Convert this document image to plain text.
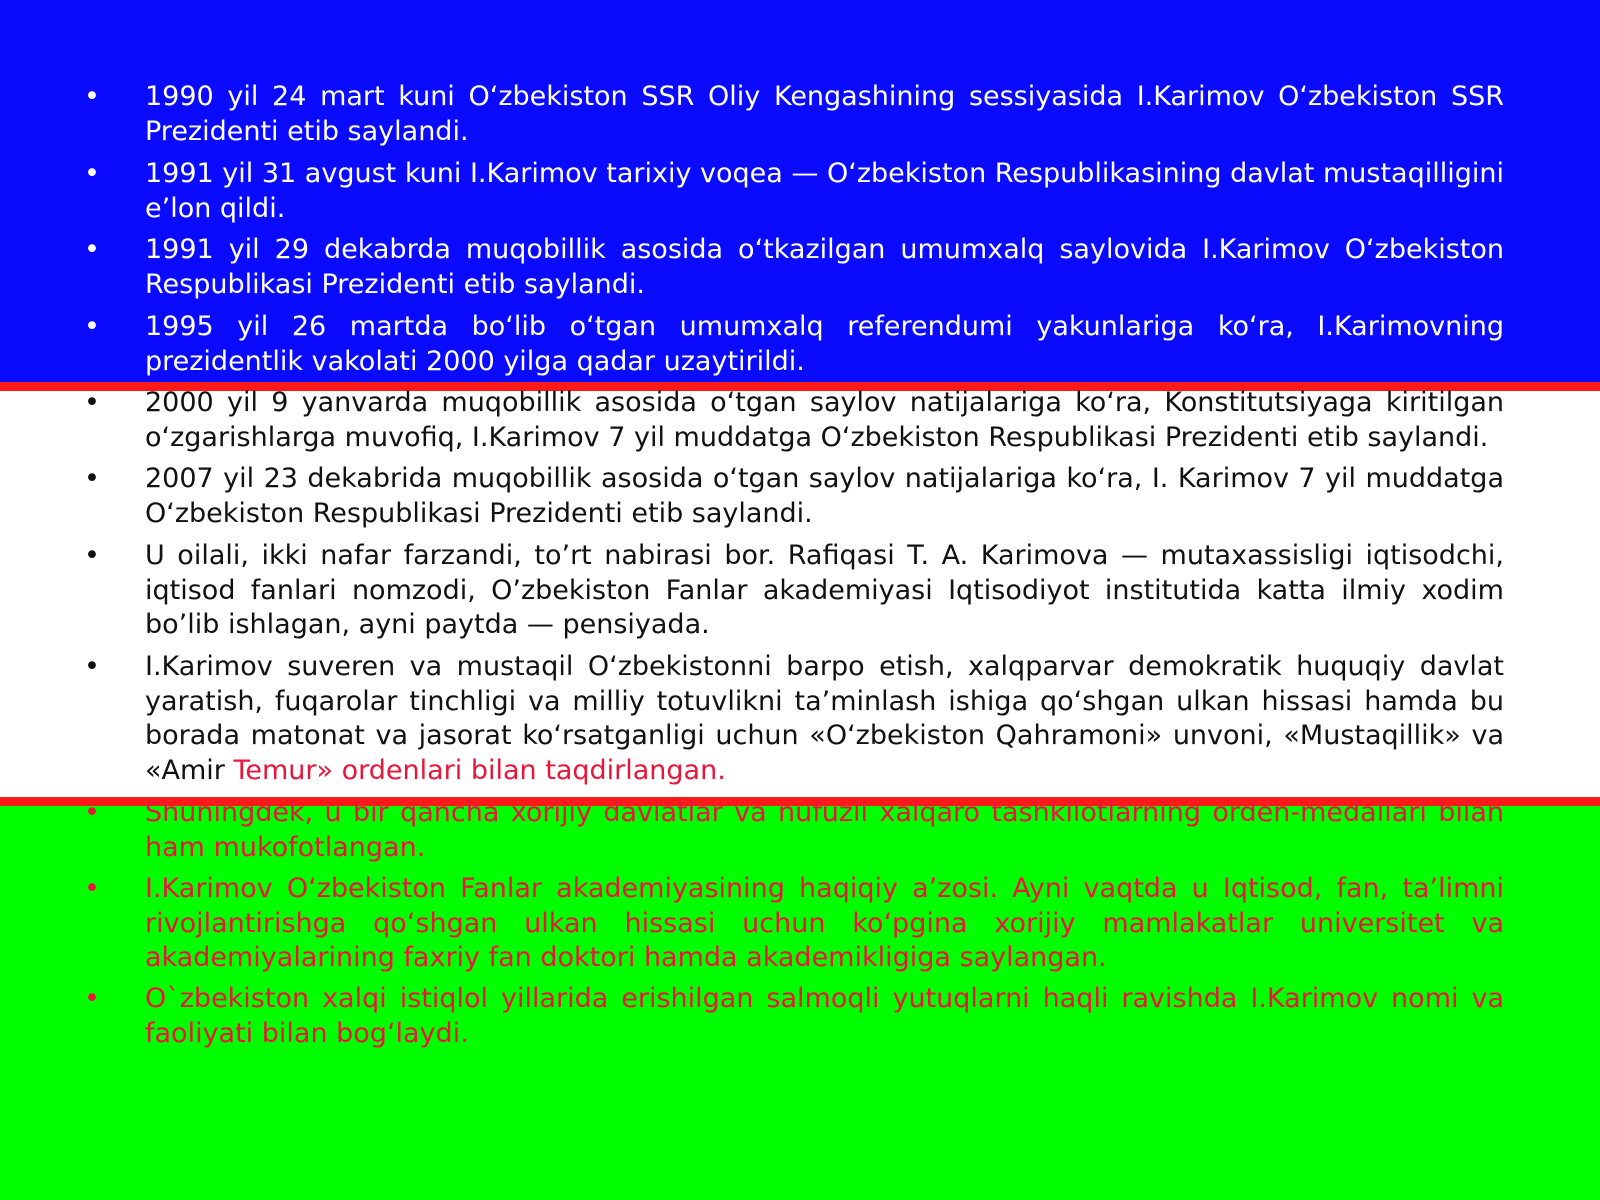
• 1990 yil 24 mart kuni O‘zbekiston SSR Oliy Kengashining sessiyasida I.Karimov O‘zbekiston SSR Prezidenti etib saylandi.
• 1991 yil 31 avgust kuni I.Karimov tarixiy voqea — O‘zbekiston Respublikasining davlat mustaqilligini e’lon qildi.
• 1991 yil 29 dekabrda muqobillik asosida o‘tkazilgan umumxalq saylovida I.Karimov O‘zbekiston Respublikasi Prezidenti etib saylandi.
• 1995 yil 26 martda bo‘lib o‘tgan umumxalq referendumi yakunlariga ko‘ra, I.Karimovning prezidentlik vakolati 2000 yilga qadar uzaytirildi.
• 2000 yil 9 yanvarda muqobillik asosida o‘tgan saylov natijalariga ko‘ra, Konstitutsiyaga kiritilgan o‘zgarishlarga muvofiq, I.Karimov 7 yil muddatga O‘zbekiston Respublikasi Prezidenti etib saylandi.
• 2007 yil 23 dekabrida muqobillik asosida o‘tgan saylov natijalariga ko‘ra, I. Karimov 7 yil muddatga O‘zbekiston Respublikasi Prezidenti etib saylandi.
• U oilali, ikki nafar farzandi, to’rt nabirasi bor. Rafiqasi T. A. Karimova — mutaxassisligi iqtisodchi, iqtisod fanlari nomzodi, O’zbekiston Fanlar akademiyasi Iqtisodiyot institutida katta ilmiy xodim bo’lib ishlagan, ayni paytda — pensiyada.
• I.Karimov suveren va mustaqil O‘zbekistonni barpo etish, xalqparvar demokratik huquqiy davlat yaratish, fuqarolar tinchligi va milliy totuvlikni ta’minlash ishiga qo‘shgan ulkan hissasi hamda bu borada matonat va jasorat ko‘rsatganligi uchun «O‘zbekiston Qahramoni» unvoni, «Mustaqillik» va «Amir Temur» ordenlari bilan taqdirlangan.
• Shuningdek, u bir qancha xorijiy davlatlar va nufuzli xalqaro tashkilotlarning orden-medallari bilan ham mukofotlangan.
• I.Karimov O‘zbekiston Fanlar akademiyasining haqiqiy a’zosi. Ayni vaqtda u Iqtisod, fan, ta’limni rivojlantirishga qo‘shgan ulkan hissasi uchun ko‘pgina xorijiy mamlakatlar universitet va akademiyalarining faxriy fan doktori hamda akademikligiga saylangan.
• O`zbekiston xalqi istiqlol yillarida erishilgan salmoqli yutuqlarni haqli ravishda I.Karimov nomi va faoliyati bilan bog‘laydi.
